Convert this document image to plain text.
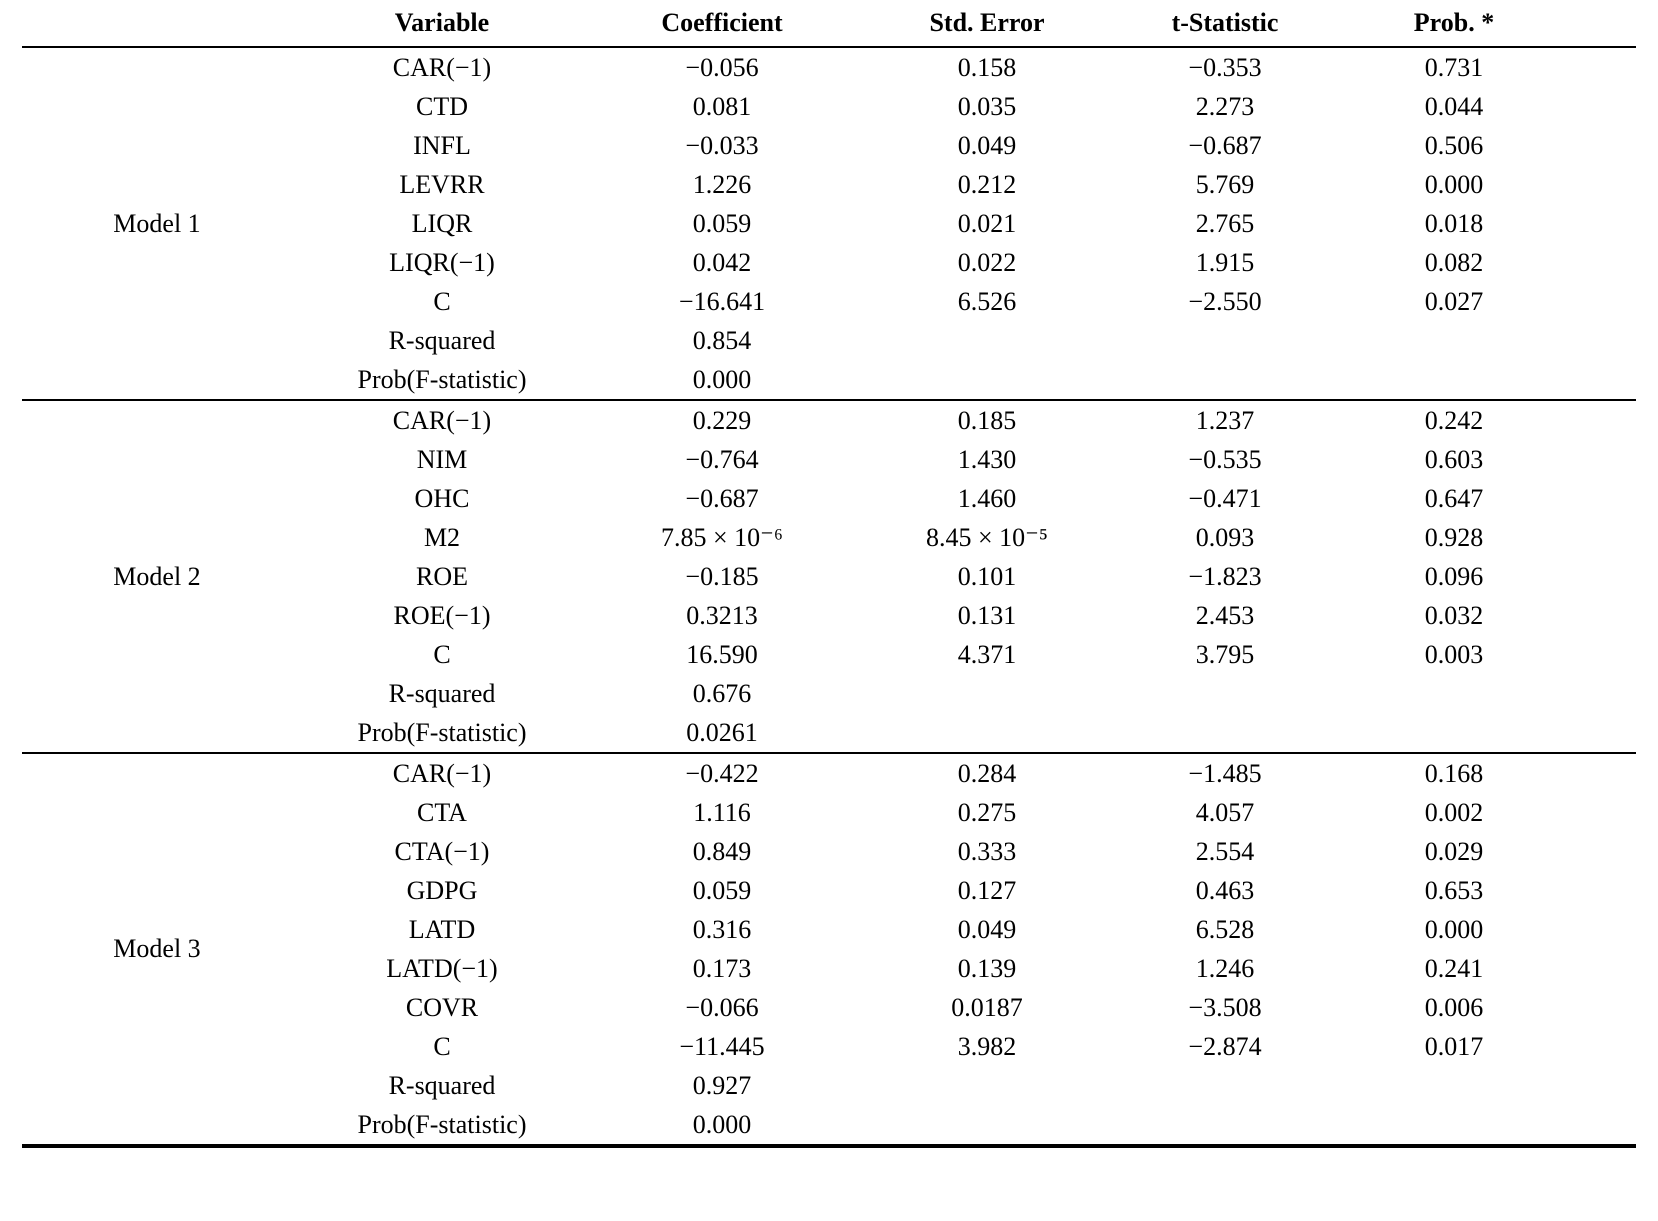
	Variable	Coefficient	Std. Error	t-Statistic	Prob. *
Model 1	CAR(−1)	−0.056	0.158	−0.353	0.731
	CTD	0.081	0.035	2.273	0.044
	INFL	−0.033	0.049	−0.687	0.506
	LEVRR	1.226	0.212	5.769	0.000
	LIQR	0.059	0.021	2.765	0.018
	LIQR(−1)	0.042	0.022	1.915	0.082
	C	−16.641	6.526	−2.550	0.027
	R-squared	0.854			
	Prob(F-statistic)	0.000			
Model 2	CAR(−1)	0.229	0.185	1.237	0.242
	NIM	−0.764	1.430	−0.535	0.603
	OHC	−0.687	1.460	−0.471	0.647
	M2	7.85 × 10⁻⁶	8.45 × 10⁻⁵	0.093	0.928
	ROE	−0.185	0.101	−1.823	0.096
	ROE(−1)	0.3213	0.131	2.453	0.032
	C	16.590	4.371	3.795	0.003
	R-squared	0.676			
	Prob(F-statistic)	0.0261			
Model 3	CAR(−1)	−0.422	0.284	−1.485	0.168
	CTA	1.116	0.275	4.057	0.002
	CTA(−1)	0.849	0.333	2.554	0.029
	GDPG	0.059	0.127	0.463	0.653
	LATD	0.316	0.049	6.528	0.000
	LATD(−1)	0.173	0.139	1.246	0.241
	COVR	−0.066	0.0187	−3.508	0.006
	C	−11.445	3.982	−2.874	0.017
	R-squared	0.927			
	Prob(F-statistic)	0.000			
